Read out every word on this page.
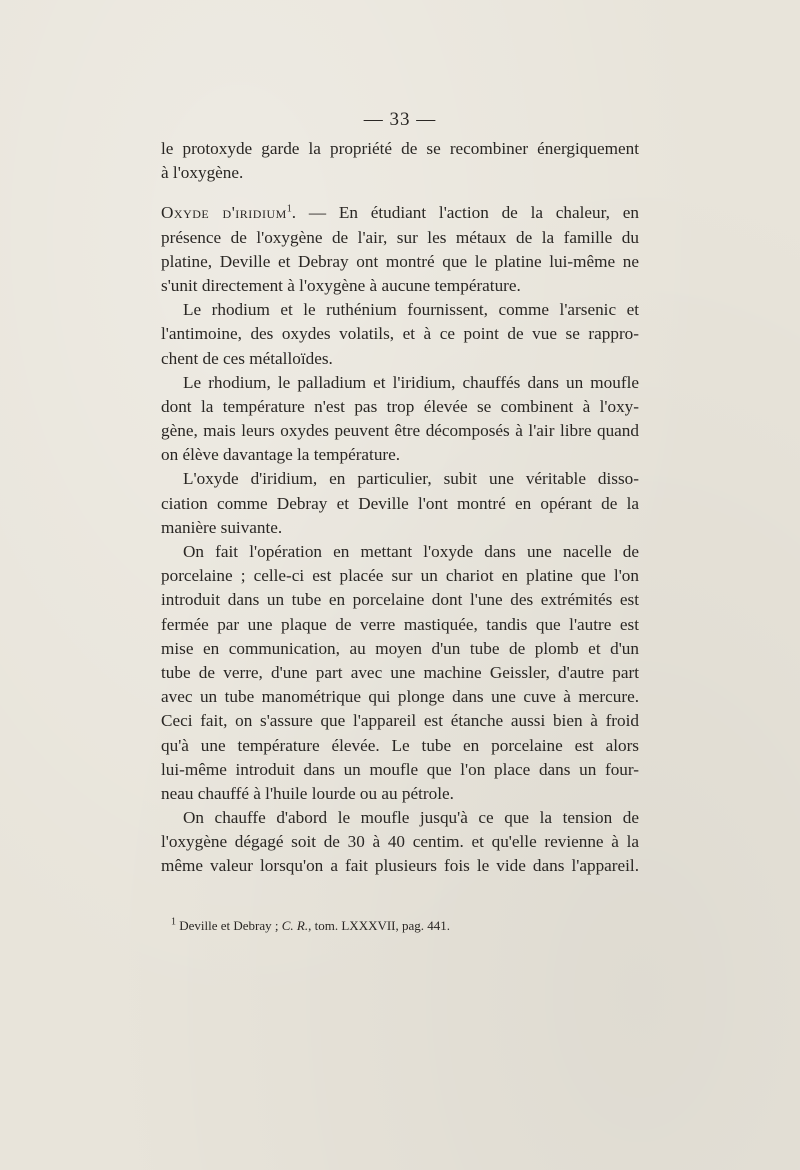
— 33 —
le protoxyde garde la propriété de se recombiner énergiquement
à l'oxygène.
Oxyde d'iridium$^1$. — En étudiant l'action de la chaleur, en
présence de l'oxygène de l'air, sur les métaux de la famille du
platine, Deville et Debray ont montré que le platine lui-même ne
s'unit directement à l'oxygène à aucune température.
Le rhodium et le ruthénium fournissent, comme l'arsenic et
l'antimoine, des oxydes volatils, et à ce point de vue se rappro-
chent de ces métalloïdes.
Le rhodium, le palladium et l'iridium, chauffés dans un moufle
dont la température n'est pas trop élevée se combinent à l'oxy-
gène, mais leurs oxydes peuvent être décomposés à l'air libre quand
on élève davantage la température.
L'oxyde d'iridium, en particulier, subit une véritable disso-
ciation comme Debray et Deville l'ont montré en opérant de la
manière suivante.
On fait l'opération en mettant l'oxyde dans une nacelle de
porcelaine ; celle-ci est placée sur un chariot en platine que l'on
introduit dans un tube en porcelaine dont l'une des extrémités est
fermée par une plaque de verre mastiquée, tandis que l'autre est
mise en communication, au moyen d'un tube de plomb et d'un
tube de verre, d'une part avec une machine Geissler, d'autre part
avec un tube manométrique qui plonge dans une cuve à mercure.
Ceci fait, on s'assure que l'appareil est étanche aussi bien à froid
qu'à une température élevée. Le tube en porcelaine est alors
lui-même introduit dans un moufle que l'on place dans un four-
neau chauffé à l'huile lourde ou au pétrole.
On chauffe d'abord le moufle jusqu'à ce que la tension de
l'oxygène dégagé soit de 30 à 40 centim. et qu'elle revienne à la
même valeur lorsqu'on a fait plusieurs fois le vide dans l'appareil.
$^1$ Deville et Debray ; C. R., tom. LXXXVII, pag. 441.
